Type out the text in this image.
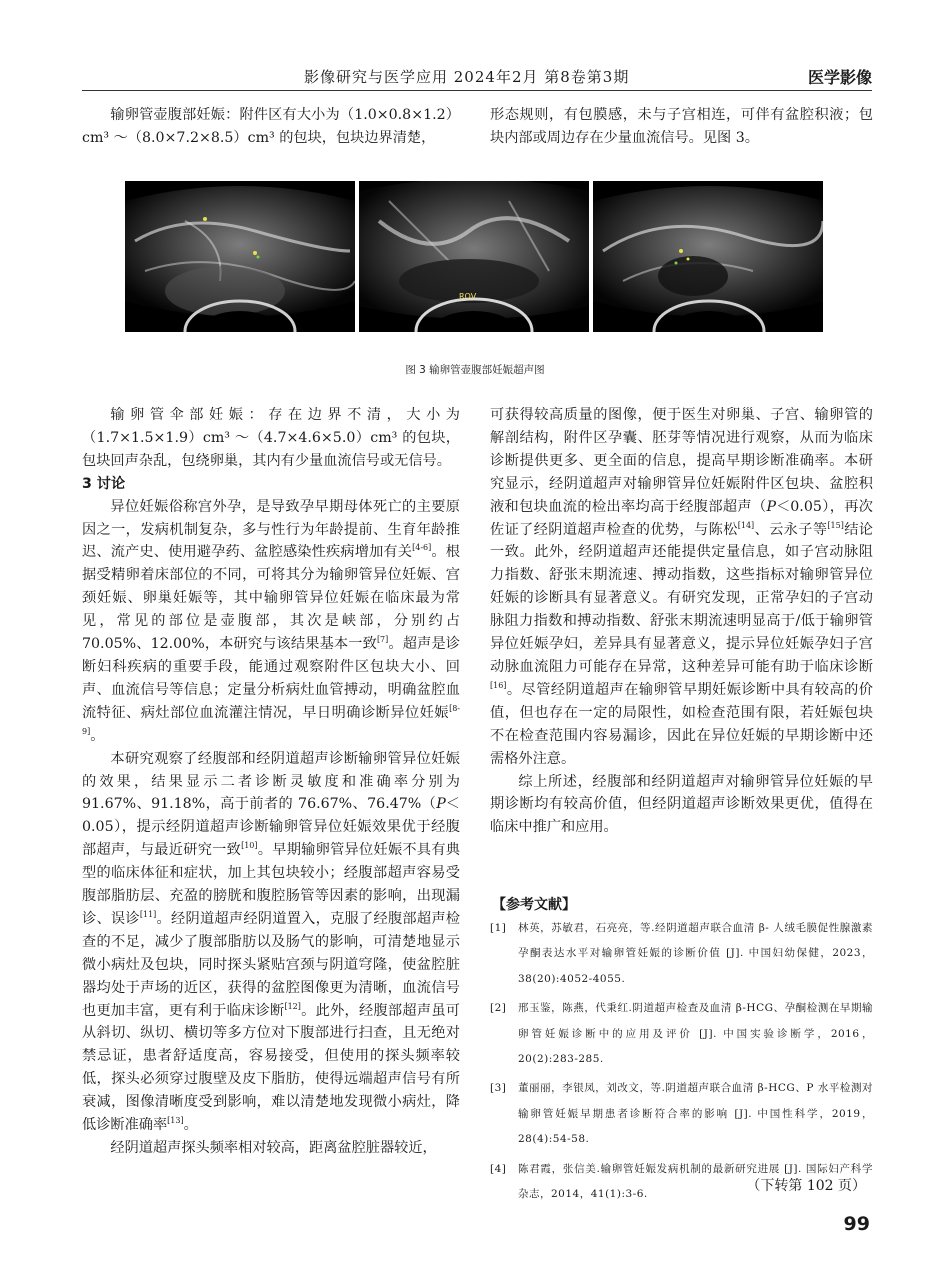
影像研究与医学应用 2024年2月 第8卷第3期	医学影像

输卵管壶腹部妊娠：附件区有大小为（1.0×0.8×1.2）cm³ ～（8.0×7.2×8.5）cm³ 的包块，包块边界清楚，

形态规则，有包膜感，未与子宫相连，可伴有盆腔积液；包块内部或周边存在少量血流信号。见图 3。

ROV
图 3 输卵管壶腹部妊娠超声图

输卵管伞部妊娠：存在边界不清，大小为（1.7×1.5×1.9）cm³ ～（4.7×4.6×5.0）cm³ 的包块，包块回声杂乱，包绕卵巢，其内有少量血流信号或无信号。

3 讨论

异位妊娠俗称宫外孕，是导致孕早期母体死亡的主要原因之一，发病机制复杂，多与性行为年龄提前、生育年龄推迟、流产史、使用避孕药、盆腔感染性疾病增加有关[4-6]。根据受精卵着床部位的不同，可将其分为输卵管异位妊娠、宫颈妊娠、卵巢妊娠等，其中输卵管异位妊娠在临床最为常见，常见的部位是壶腹部，其次是峡部，分别约占 70.05%、12.00%，本研究与该结果基本一致[7]。超声是诊断妇科疾病的重要手段，能通过观察附件区包块大小、回声、血流信号等信息；定量分析病灶血管搏动，明确盆腔血流特征、病灶部位血流灌注情况，早日明确诊断异位妊娠[8-9]。

本研究观察了经腹部和经阴道超声诊断输卵管异位妊娠的效果，结果显示二者诊断灵敏度和准确率分别为 91.67%、91.18%，高于前者的 76.67%、76.47%（P＜0.05），提示经阴道超声诊断输卵管异位妊娠效果优于经腹部超声，与最近研究一致[10]。早期输卵管异位妊娠不具有典型的临床体征和症状，加上其包块较小；经腹部超声容易受腹部脂肪层、充盈的膀胱和腹腔肠管等因素的影响，出现漏诊、误诊[11]。经阴道超声经阴道置入，克服了经腹部超声检查的不足，减少了腹部脂肪以及肠气的影响，可清楚地显示微小病灶及包块，同时探头紧贴宫颈与阴道穹隆，使盆腔脏器均处于声场的近区，获得的盆腔图像更为清晰，血流信号也更加丰富，更有利于临床诊断[12]。此外，经腹部超声虽可从斜切、纵切、横切等多方位对下腹部进行扫查，且无绝对禁忌证，患者舒适度高，容易接受，但使用的探头频率较低，探头必须穿过腹壁及皮下脂肪，使得远端超声信号有所衰减，图像清晰度受到影响，难以清楚地发现微小病灶，降低诊断准确率[13]。

经阴道超声探头频率相对较高，距离盆腔脏器较近，

可获得较高质量的图像，便于医生对卵巢、子宫、输卵管的解剖结构，附件区孕囊、胚芽等情况进行观察，从而为临床诊断提供更多、更全面的信息，提高早期诊断准确率。本研究显示，经阴道超声对输卵管异位妊娠附件区包块、盆腔积液和包块血流的检出率均高于经腹部超声（P＜0.05），再次佐证了经阴道超声检查的优势，与陈松[14]、云永子等[15]结论一致。此外，经阴道超声还能提供定量信息，如子宫动脉阻力指数、舒张末期流速、搏动指数，这些指标对输卵管异位妊娠的诊断具有显著意义。有研究发现，正常孕妇的子宫动脉阻力指数和搏动指数、舒张末期流速明显高于/低于输卵管异位妊娠孕妇，差异具有显著意义，提示异位妊娠孕妇子宫动脉血流阻力可能存在异常，这种差异可能有助于临床诊断[16]。尽管经阴道超声在输卵管早期妊娠诊断中具有较高的价值，但也存在一定的局限性，如检查范围有限，若妊娠包块不在检查范围内容易漏诊，因此在异位妊娠的早期诊断中还需格外注意。

综上所述，经腹部和经阴道超声对输卵管异位妊娠的早期诊断均有较高价值，但经阴道超声诊断效果更优，值得在临床中推广和应用。

【参考文献】
[1] 林英，苏敏君，石亮亮，等.经阴道超声联合血清 β- 人绒毛膜促性腺激素孕酮表达水平对输卵管妊娠的诊断价值 [J]. 中国妇幼保健，2023，38(20):4052-4055.
[2] 邢玉鉴，陈燕，代秉红.阴道超声检查及血清 β-HCG、孕酮检测在早期输卵管妊娠诊断中的应用及评价 [J]. 中国实验诊断学，2016，20(2):283-285.
[3] 董丽丽，李银凤，刘改文，等.阴道超声联合血清 β-HCG、P 水平检测对输卵管妊娠早期患者诊断符合率的影响 [J]. 中国性科学，2019，28(4):54-58.
[4] 陈君霞，张信美.输卵管妊娠发病机制的最新研究进展 [J]. 国际妇产科学杂志，2014，41(1):3-6.
（下转第 102 页）
99
